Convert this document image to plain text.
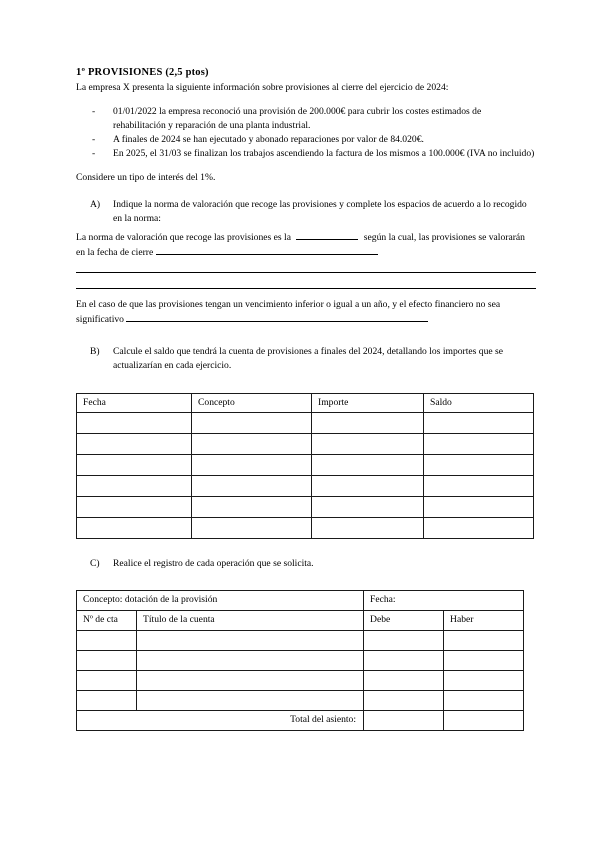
1º PROVISIONES (2,5 ptos)
La empresa X presenta la siguiente información sobre provisiones al cierre del ejercicio de 2024:
- 01/01/2022 la empresa reconoció una provisión de 200.000€ para cubrir los costes estimados de rehabilitación y reparación de una planta industrial.
- A finales de 2024 se han ejecutado y abonado reparaciones por valor de 84.020€.
- En 2025, el 31/03 se finalizan los trabajos ascendiendo la factura de los mismos a 100.000€ (IVA no incluido)
Considere un tipo de interés del 1%.
A) Indique la norma de valoración que recoge las provisiones y complete los espacios de acuerdo a lo recogido en la norma:
La norma de valoración que recoge las provisiones es la	según la cual, las provisiones se valorarán en la fecha de cierre
En el caso de que las provisiones tengan un vencimiento inferior o igual a un año, y el efecto financiero no sea significativo
B) Calcule el saldo que tendrá la cuenta de provisiones a finales del 2024, detallando los importes que se actualizarían en cada ejercicio.
Fecha	Concepto	Importe	Saldo

C) Realice el registro de cada operación que se solicita.
Concepto: dotación de la provisión		Fecha:	
Nº de cta	Título de la cuenta	Debe	Haber

Total del asiento:			
